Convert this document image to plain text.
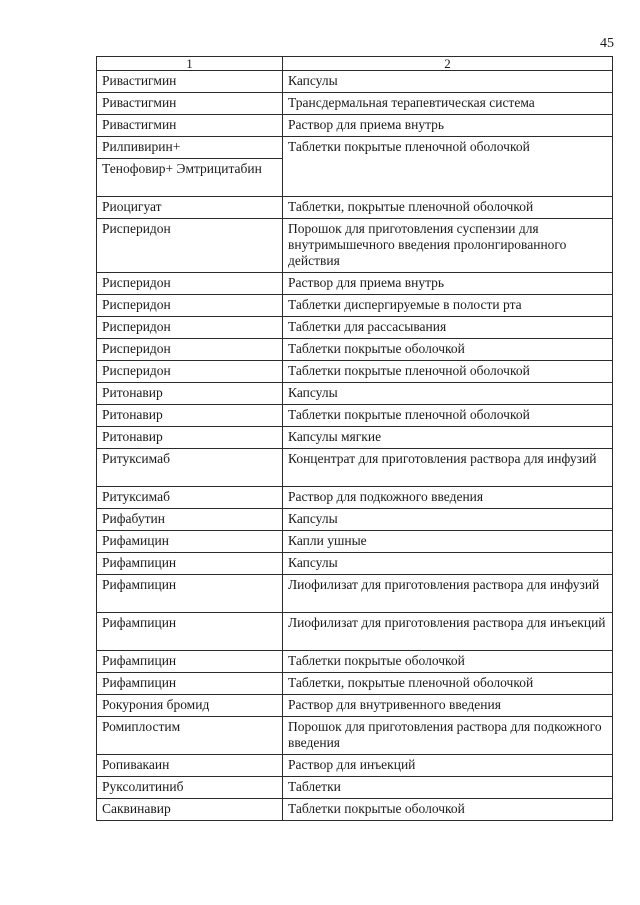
45
1	2
Ривастигмин	Капсулы
Ривастигмин	Трансдермальная терапевтическая система
Ривастигмин	Раствор для приема внутрь
Рилпивирин+	Таблетки покрытые пленочной оболочкой
Тенофовир+ Эмтрицитабин	
Риоцигуат	Таблетки, покрытые пленочной оболочкой
Рисперидон	Порошок для приготовления суспензии для внутримышечного введения пролонгированного действия
Рисперидон	Раствор для приема внутрь
Рисперидон	Таблетки диспергируемые в полости рта
Рисперидон	Таблетки для рассасывания
Рисперидон	Таблетки покрытые оболочкой
Рисперидон	Таблетки покрытые пленочной оболочкой
Ритонавир	Капсулы
Ритонавир	Таблетки покрытые пленочной оболочкой
Ритонавир	Капсулы мягкие
Ритуксимаб	Концентрат для приготовления раствора для инфузий
Ритуксимаб	Раствор для подкожного введения
Рифабутин	Капсулы
Рифамицин	Капли ушные
Рифампицин	Капсулы
Рифампицин	Лиофилизат для приготовления раствора для инфузий
Рифампицин	Лиофилизат для приготовления раствора для инъекций
Рифампицин	Таблетки покрытые оболочкой
Рифампицин	Таблетки, покрытые пленочной оболочкой
Рокурония бромид	Раствор для внутривенного введения
Ромиплостим	Порошок для приготовления раствора для подкожного введения
Ропивакаин	Раствор для инъекций
Руксолитиниб	Таблетки
Саквинавир	Таблетки покрытые оболочкой
